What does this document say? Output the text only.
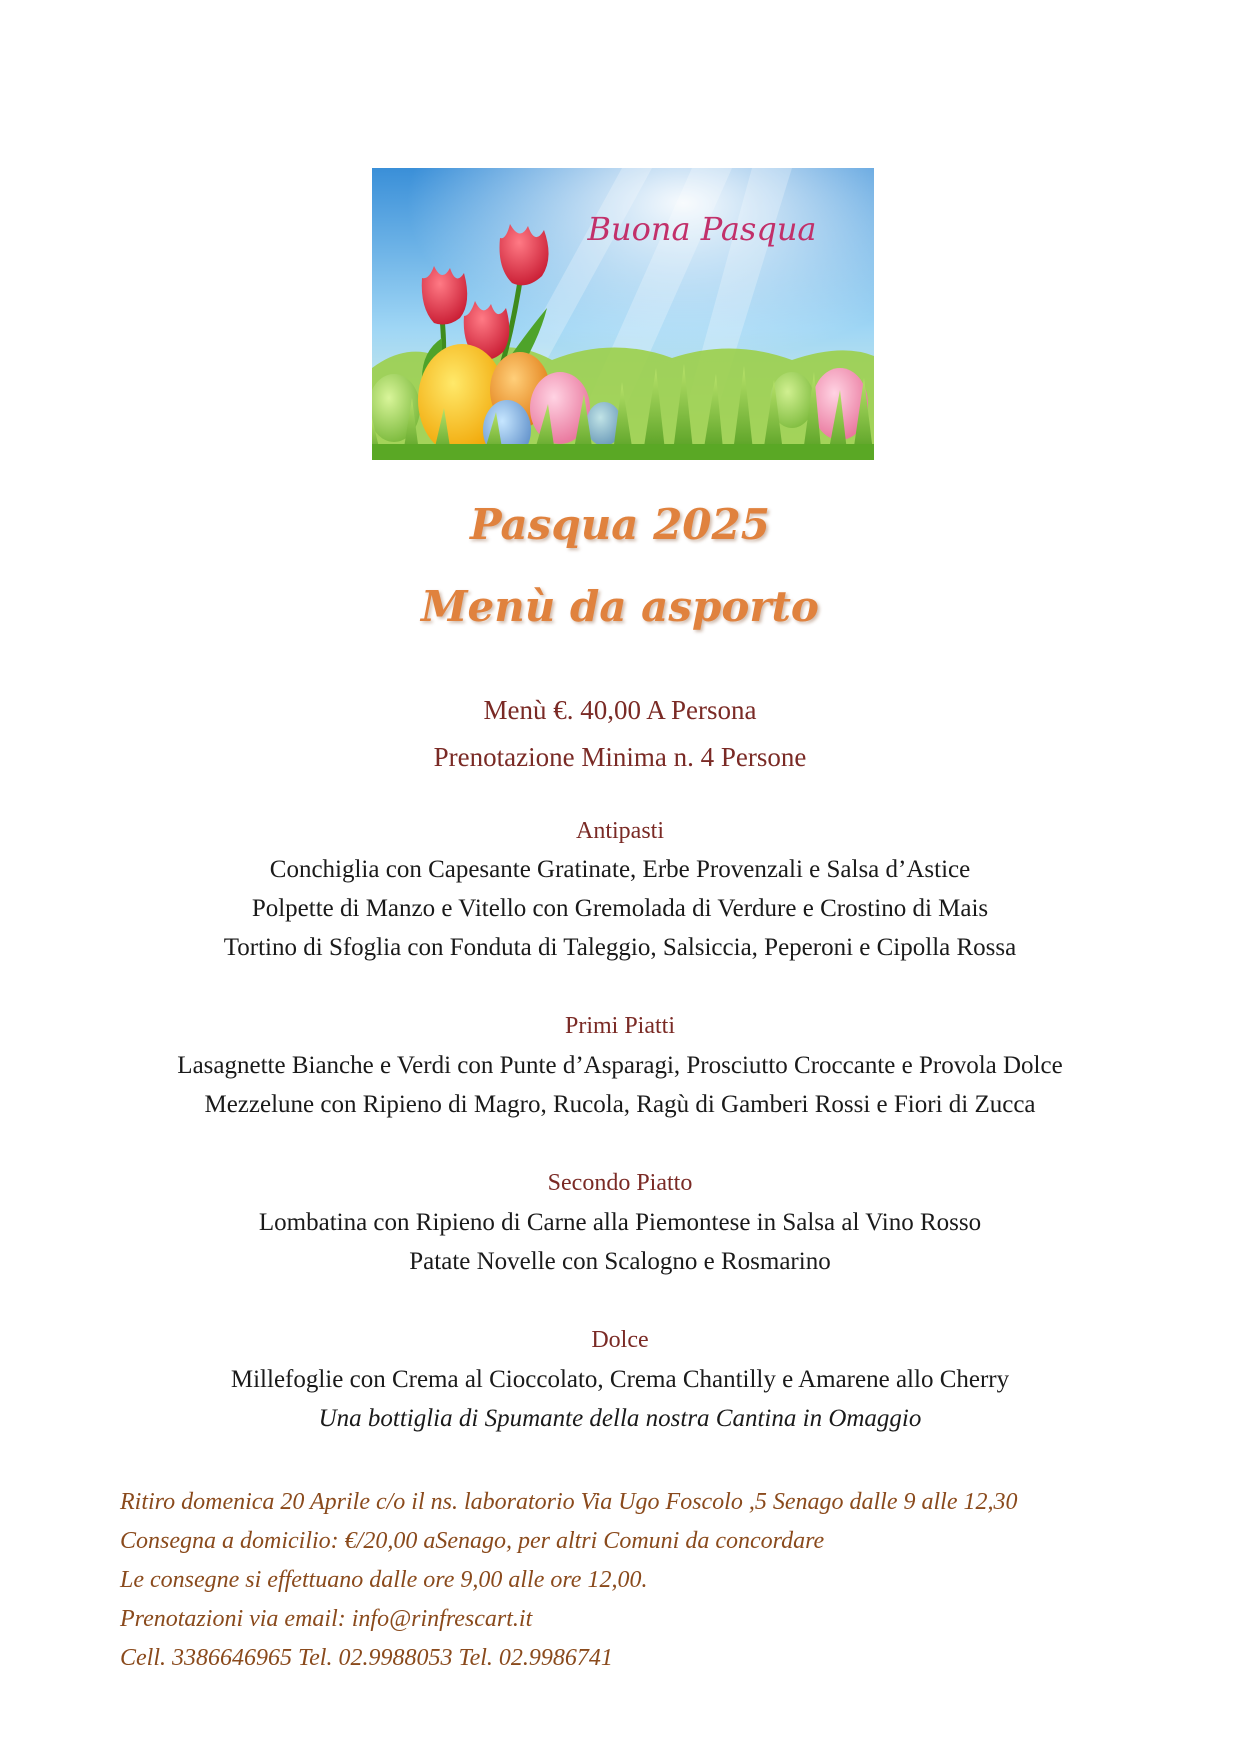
Buona Pasqua
Pasqua 2025
Menù da asporto
Menù €. 40,00 A Persona
Prenotazione Minima n. 4 Persone
Antipasti
Conchiglia con Capesante Gratinate, Erbe Provenzali e Salsa d’Astice
Polpette di Manzo e Vitello con Gremolada di Verdure e Crostino di Mais
Tortino di Sfoglia con Fonduta di Taleggio, Salsiccia, Peperoni e Cipolla Rossa
Primi Piatti
Lasagnette Bianche e Verdi con Punte d’Asparagi, Prosciutto Croccante e Provola Dolce
Mezzelune con Ripieno di Magro, Rucola, Ragù di Gamberi Rossi e Fiori di Zucca
Secondo Piatto
Lombatina con Ripieno di Carne alla Piemontese in Salsa al Vino Rosso
Patate Novelle con Scalogno e Rosmarino
Dolce
Millefoglie con Crema al Cioccolato, Crema Chantilly e Amarene allo Cherry
Una bottiglia di Spumante della nostra Cantina in Omaggio
Ritiro domenica 20 Aprile c/o il ns. laboratorio Via Ugo Foscolo ,5 Senago dalle 9 alle 12,30
Consegna a domicilio: €/20,00 aSenago, per altri Comuni da concordare
Le consegne si effettuano dalle ore 9,00 alle ore 12,00.
Prenotazioni via email: info@rinfrescart.it
Cell. 3386646965 Tel. 02.9988053 Tel. 02.9986741
